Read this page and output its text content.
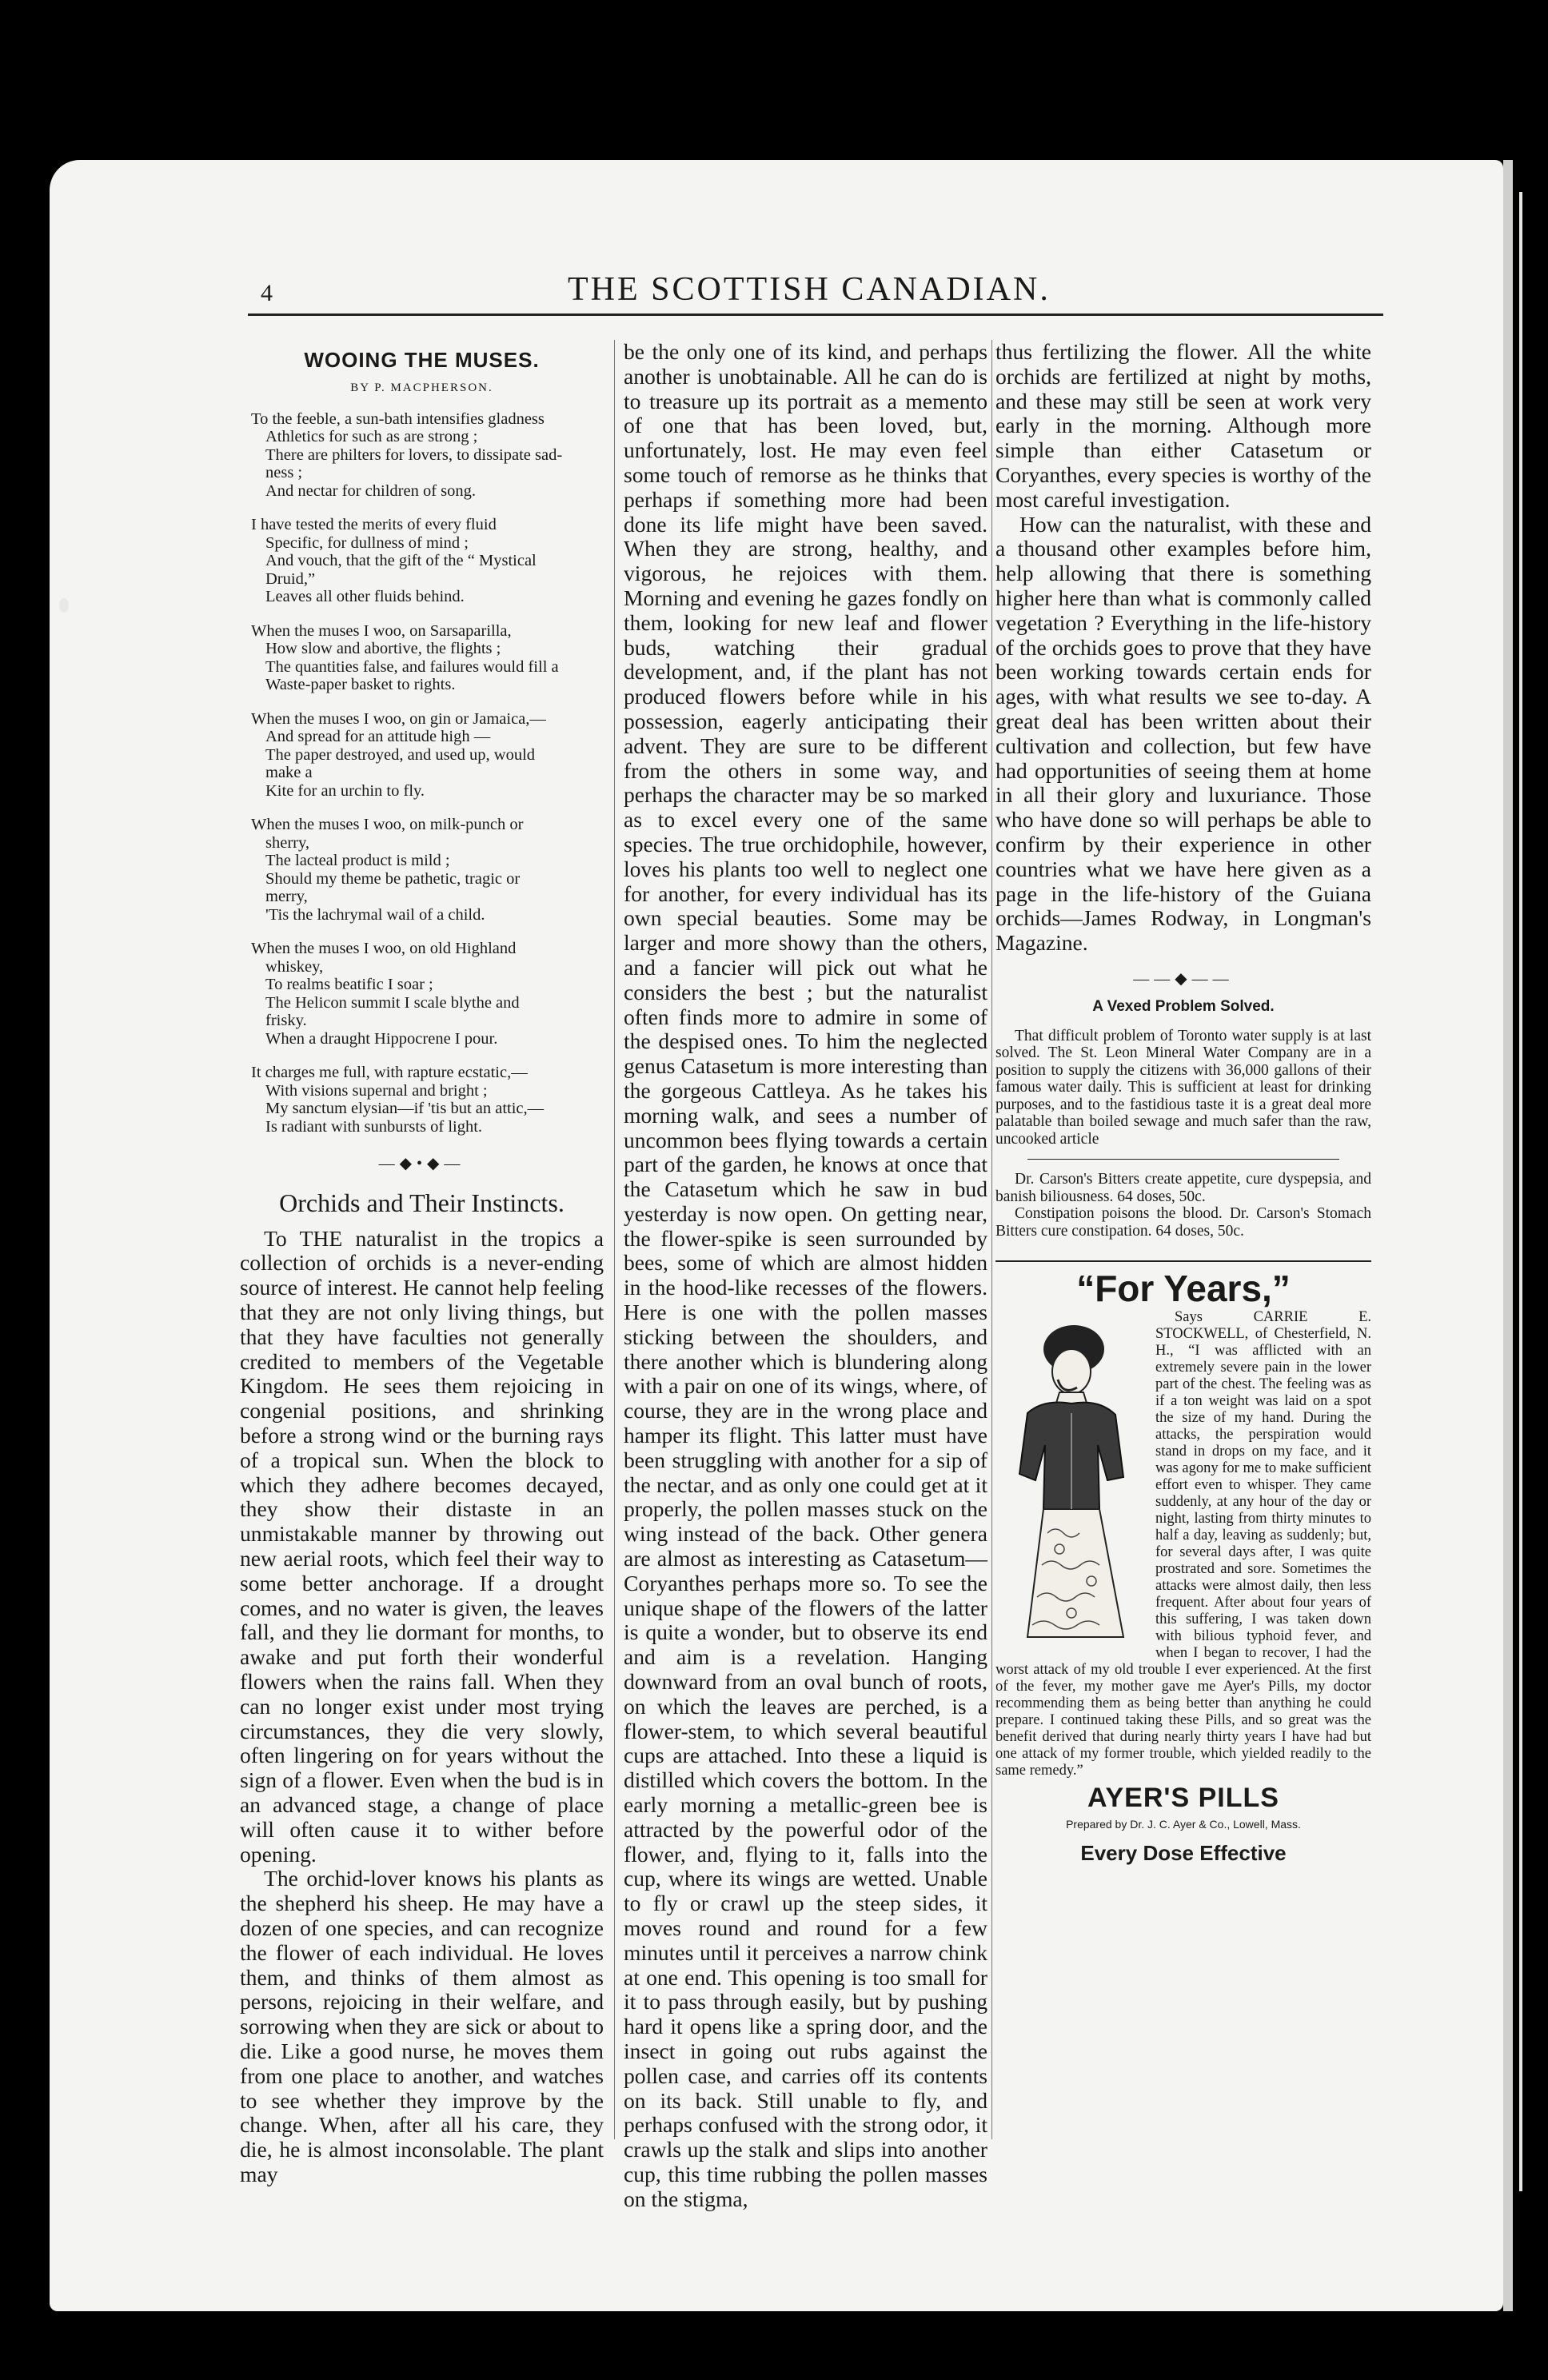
4	THE SCOTTISH CANADIAN.
WOOING THE MUSES.
BY P. MACPHERSON.
To the feeble, a sun-bath intensifies gladness
Athletics for such as are strong ;
There are philters for lovers, to dissipate sad-
ness ;
And nectar for children of song.
I have tested the merits of every fluid
Specific, for dullness of mind ;
And vouch, that the gift of the “ Mystical
Druid,”
Leaves all other fluids behind.
When the muses I woo, on Sarsaparilla,
How slow and abortive, the flights ;
The quantities false, and failures would fill a
Waste-paper basket to rights.
When the muses I woo, on gin or Jamaica,—
And spread for an attitude high —
The paper destroyed, and used up, would
make a
Kite for an urchin to fly.
When the muses I woo, on milk-punch or
sherry,
The lacteal product is mild ;
Should my theme be pathetic, tragic or
merry,
'Tis the lachrymal wail of a child.
When the muses I woo, on old Highland
whiskey,
To realms beatific I soar ;
The Helicon summit I scale blythe and
frisky.
When a draught Hippocrene I pour.
It charges me full, with rapture ecstatic,—
With visions supernal and bright ;
My sanctum elysian—if 'tis but an attic,—
Is radiant with sunbursts of light.
—◆•◆—
Orchids and Their Instincts.

To THE naturalist in the tropics a collection of orchids is a never-ending source of interest. He cannot help feeling that they are not only living things, but that they have faculties not generally credited to members of the Vegetable Kingdom. He sees them rejoicing in congenial positions, and shrinking before a strong wind or the burning rays of a tropical sun. When the block to which they adhere becomes decayed, they show their distaste in an unmistakable manner by throwing out new aerial roots, which feel their way to some better anchorage. If a drought comes, and no water is given, the leaves fall, and they lie dormant for months, to awake and put forth their wonderful flowers when the rains fall. When they can no longer exist under most trying circumstances, they die very slowly, often lingering on for years without the sign of a flower. Even when the bud is in an advanced stage, a change of place will often cause it to wither before opening.

The orchid-lover knows his plants as the shepherd his sheep. He may have a dozen of one species, and can recognize the flower of each individual. He loves them, and thinks of them almost as persons, rejoicing in their welfare, and sorrowing when they are sick or about to die. Like a good nurse, he moves them from one place to another, and watches to see whether they improve by the change. When, after all his care, they die, he is almost inconsolable. The plant may

be the only one of its kind, and perhaps another is unobtainable. All he can do is to treasure up its portrait as a memento of one that has been loved, but, unfortunately, lost. He may even feel some touch of remorse as he thinks that perhaps if something more had been done its life might have been saved. When they are strong, healthy, and vigorous, he rejoices with them. Morning and evening he gazes fondly on them, looking for new leaf and flower buds, watching their gradual development, and, if the plant has not produced flowers before while in his possession, eagerly anticipating their advent. They are sure to be different from the others in some way, and perhaps the character may be so marked as to excel every one of the same species. The true orchidophile, however, loves his plants too well to neglect one for another, for every individual has its own special beauties. Some may be larger and more showy than the others, and a fancier will pick out what he considers the best ; but the naturalist often finds more to admire in some of the despised ones. To him the neglected genus Catasetum is more interesting than the gorgeous Cattleya. As he takes his morning walk, and sees a number of uncommon bees flying towards a certain part of the garden, he knows at once that the Catasetum which he saw in bud yesterday is now open. On getting near, the flower-spike is seen surrounded by bees, some of which are almost hidden in the hood-like recesses of the flowers. Here is one with the pollen masses sticking between the shoulders, and there another which is blundering along with a pair on one of its wings, where, of course, they are in the wrong place and hamper its flight. This latter must have been struggling with another for a sip of the nectar, and as only one could get at it properly, the pollen masses stuck on the wing instead of the back. Other genera are almost as interesting as Catasetum—Coryanthes perhaps more so. To see the unique shape of the flowers of the latter is quite a wonder, but to observe its end and aim is a revelation. Hanging downward from an oval bunch of roots, on which the leaves are perched, is a flower-stem, to which several beautiful cups are attached. Into these a liquid is distilled which covers the bottom. In the early morning a metallic-green bee is attracted by the powerful odor of the flower, and, flying to it, falls into the cup, where its wings are wetted. Unable to fly or crawl up the steep sides, it moves round and round for a few minutes until it perceives a narrow chink at one end. This opening is too small for it to pass through easily, but by pushing hard it opens like a spring door, and the insect in going out rubs against the pollen case, and carries off its contents on its back. Still unable to fly, and perhaps confused with the strong odor, it crawls up the stalk and slips into another cup, this time rubbing the pollen masses on the stigma,

thus fertilizing the flower. All the white orchids are fertilized at night by moths, and these may still be seen at work very early in the morning. Although more simple than either Catasetum or Coryanthes, every species is worthy of the most careful investigation.

How can the naturalist, with these and a thousand other examples before him, help allowing that there is something higher here than what is commonly called vegetation ? Everything in the life-history of the orchids goes to prove that they have been working towards certain ends for ages, with what results we see to-day. A great deal has been written about their cultivation and collection, but few have had opportunities of seeing them at home in all their glory and luxuriance. Those who have done so will perhaps be able to confirm by their experience in other countries what we have here given as a page in the life-history of the Guiana orchids—James Rodway, in Longman's Magazine.

——◆——
A Vexed Problem Solved.

That difficult problem of Toronto water supply is at last solved. The St. Leon Mineral Water Company are in a position to supply the citizens with 36,000 gallons of their famous water daily. This is sufficient at least for drinking purposes, and to the fastidious taste it is a great deal more palatable than boiled sewage and much safer than the raw, uncooked article

Dr. Carson's Bitters create appetite, cure dyspepsia, and banish biliousness. 64 doses, 50c.

Constipation poisons the blood. Dr. Carson's Stomach Bitters cure constipation. 64 doses, 50c.

“For Years,”

Says CARRIE E. STOCKWELL, of Chesterfield, N. H., “I was afflicted with an extremely severe pain in the lower part of the chest. The feeling was as if a ton weight was laid on a spot the size of my hand. During the attacks, the perspiration would stand in drops on my face, and it was agony for me to make sufficient effort even to whisper. They came suddenly, at any hour of the day or night, lasting from thirty minutes to half a day, leaving as suddenly; but, for several days after, I was quite prostrated and sore. Sometimes the attacks were almost daily, then less frequent. After about four years of this suffering, I was taken down with bilious typhoid fever, and when I began to recover, I had the worst attack of my old trouble I ever experienced. At the first of the fever, my mother gave me Ayer's Pills, my doctor recommending them as being better than anything he could prepare. I continued taking these Pills, and so great was the benefit derived that during nearly thirty years I have had but one attack of my former trouble, which yielded readily to the same remedy.”

AYER'S PILLS
Prepared by Dr. J. C. Ayer & Co., Lowell, Mass.
Every Dose Effective
